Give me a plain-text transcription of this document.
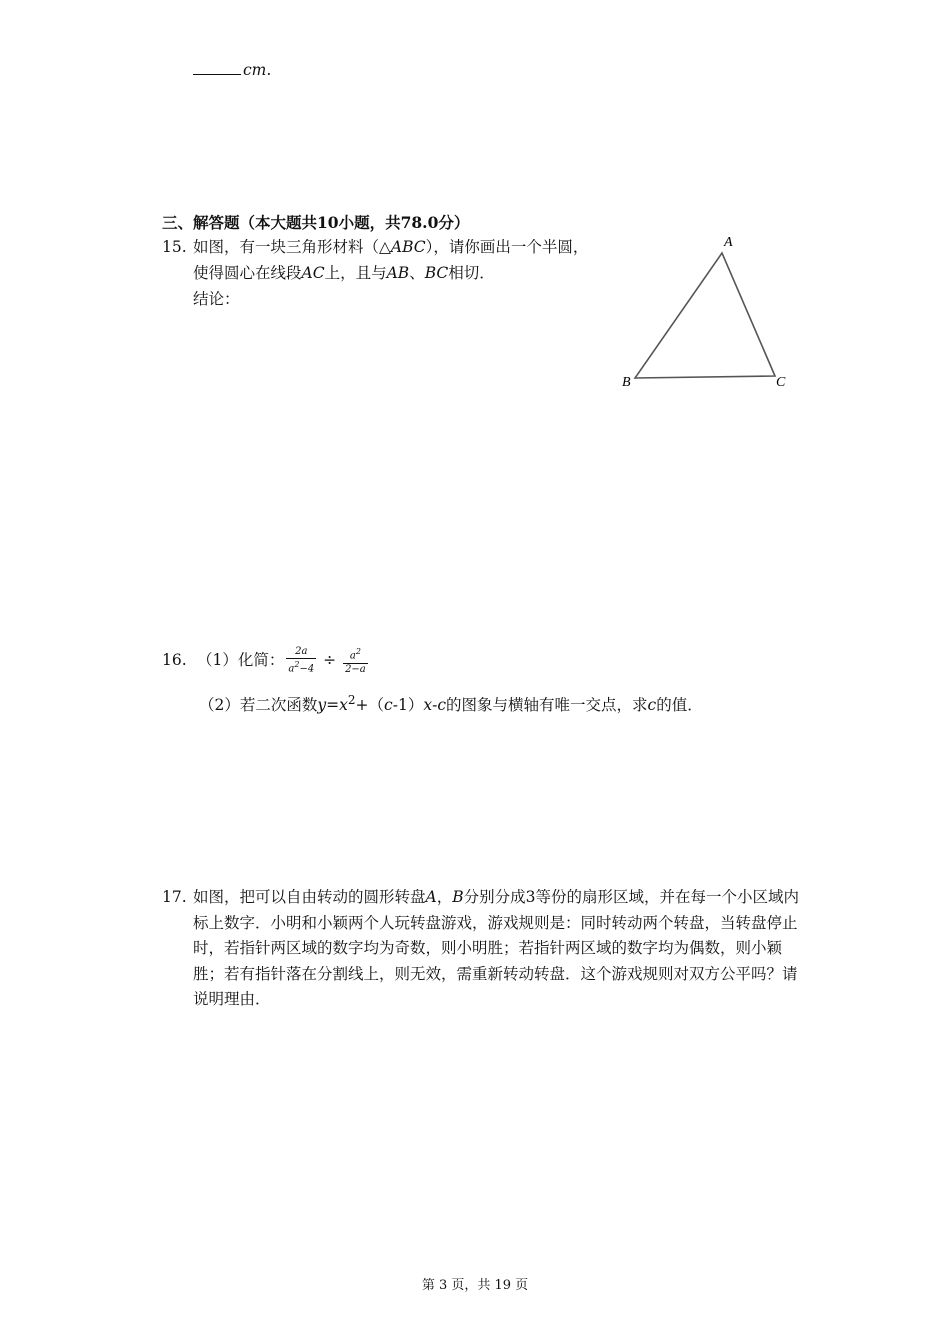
cm.
三、解答题（本大题共10小题，共78.0分）
15. 如图，有一块三角形材料（△ABC），请你画出一个半圆，
使得圆心在线段AC上，且与AB、BC相切．
结论：
A
B	C
16. （1）化简： $\frac{2a}{a^2-4} \div \frac{a^2}{2-a}$
（2）若二次函数$y=x^2+(c-1)x-c$的图象与横轴有唯一交点，求c的值．
17. 如图，把可以自由转动的圆形转盘A，B分别分成3等份的扇形区域，并在每一个小区域内标上数字．小明和小颖两个人玩转盘游戏，游戏规则是：同时转动两个转盘，当转盘停止时，若指针两区域的数字均为奇数，则小明胜；若指针两区域的数字均为偶数，则小颖胜；若有指针落在分割线上，则无效，需重新转动转盘．这个游戏规则对双方公平吗？请说明理由．
第 3 页，共 19 页
